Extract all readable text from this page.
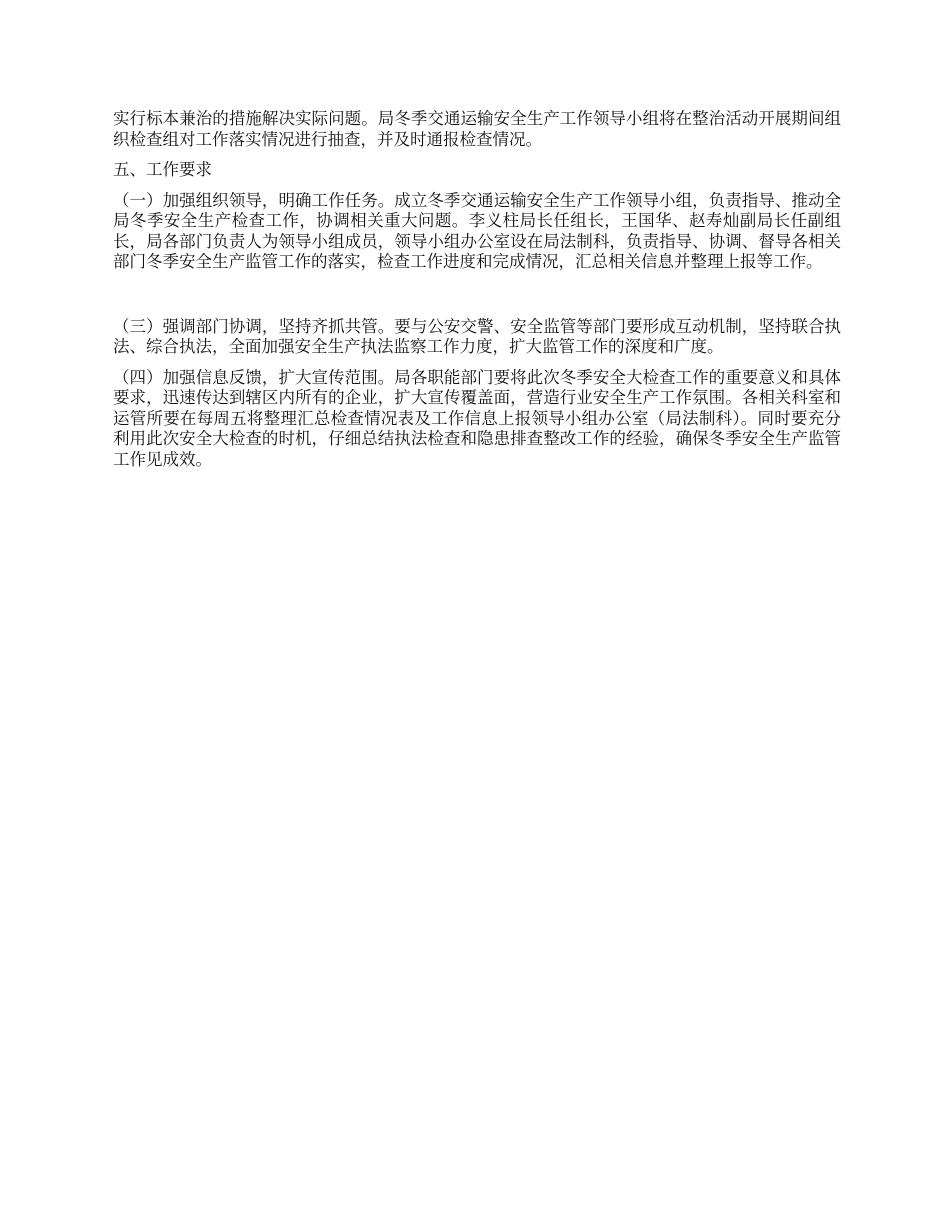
实行标本兼治的措施解决实际问题。局冬季交通运输安全生产工作领导小组将在整治活动开展期间组织检查组对工作落实情况进行抽查，并及时通报检查情况。

五、工作要求

（一）加强组织领导，明确工作任务。成立冬季交通运输安全生产工作领导小组，负责指导、推动全局冬季安全生产检查工作，协调相关重大问题。李义柱局长任组长，王国华、赵寿灿副局长任副组长，局各部门负责人为领导小组成员，领导小组办公室设在局法制科，负责指导、协调、督导各相关部门冬季安全生产监管工作的落实，检查工作进度和完成情况，汇总相关信息并整理上报等工作。

（三）强调部门协调，坚持齐抓共管。要与公安交警、安全监管等部门要形成互动机制，坚持联合执法、综合执法，全面加强安全生产执法监察工作力度，扩大监管工作的深度和广度。

（四）加强信息反馈，扩大宣传范围。局各职能部门要将此次冬季安全大检查工作的重要意义和具体要求，迅速传达到辖区内所有的企业，扩大宣传覆盖面，营造行业安全生产工作氛围。各相关科室和运管所要在每周五将整理汇总检查情况表及工作信息上报领导小组办公室（局法制科）。同时要充分利用此次安全大检查的时机，仔细总结执法检查和隐患排查整改工作的经验，确保冬季安全生产监管工作见成效。
